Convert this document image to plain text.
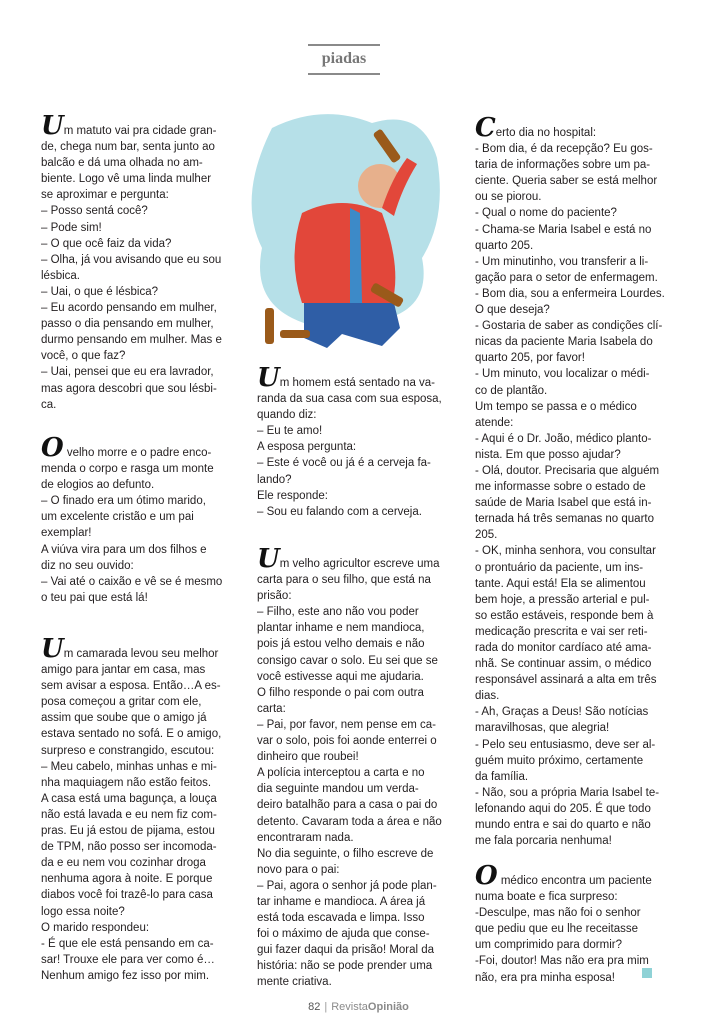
piadas

Um matuto vai pra cidade gran-

de, chega num bar, senta junto ao

balcão e dá uma olhada no am-

biente. Logo vê uma linda mulher

se aproximar e pergunta:

– Posso sentá cocê?

– Pode sim!

– O que ocê faiz da vida?

– Olha, já vou avisando que eu sou

lésbica.

– Uai, o que é lésbica?

– Eu acordo pensando em mulher,

passo o dia pensando em mulher,

durmo pensando em mulher. Mas e

você, o que faz?

– Uai, pensei que eu era lavrador,

mas agora descobri que sou lésbi-

ca.

O velho morre e o padre enco-

menda o corpo e rasga um monte

de elogios ao defunto.

– O finado era um ótimo marido,

um excelente cristão e um pai

exemplar!

A viúva vira para um dos filhos e

diz no seu ouvido:

– Vai até o caixão e vê se é mesmo

o teu pai que está lá!

Um camarada levou seu melhor

amigo para jantar em casa, mas

sem avisar a esposa. Então…A es-

posa começou a gritar com ele,

assim que soube que o amigo já

estava sentado no sofá. E o amigo,

surpreso e constrangido, escutou:

– Meu cabelo, minhas unhas e mi-

nha maquiagem não estão feitos.

A casa está uma bagunça, a louça

não está lavada e eu nem fiz com-

pras. Eu já estou de pijama, estou

de TPM, não posso ser incomoda-

da e eu nem vou cozinhar droga

nenhuma agora à noite. E porque

diabos você foi trazê-lo para casa

logo essa noite?

O marido respondeu:

- É que ele está pensando em ca-

sar! Trouxe ele para ver como é…

Nenhum amigo fez isso por mim.

Um homem está sentado na va-

randa da sua casa com sua esposa,

quando diz:

– Eu te amo!

A esposa pergunta:

– Este é você ou já é a cerveja fa-

lando?

Ele responde:

– Sou eu falando com a cerveja.

Um velho agricultor escreve uma

carta para o seu filho, que está na

prisão:

– Filho, este ano não vou poder

plantar inhame e nem mandioca,

pois já estou velho demais e não

consigo cavar o solo. Eu sei que se

você estivesse aqui me ajudaria.

O filho responde o pai com outra

carta:

– Pai, por favor, nem pense em ca-

var o solo, pois foi aonde enterrei o

dinheiro que roubei!

A polícia interceptou a carta e no

dia seguinte mandou um verda-

deiro batalhão para a casa o pai do

detento. Cavaram toda a área e não

encontraram nada.

No dia seguinte, o filho escreve de

novo para o pai:

– Pai, agora o senhor já pode plan-

tar inhame e mandioca. A área já

está toda escavada e limpa. Isso

foi o máximo de ajuda que conse-

gui fazer daqui da prisão! Moral da

história: não se pode prender uma

mente criativa.

Certo dia no hospital:

- Bom dia, é da recepção? Eu gos-

taria de informações sobre um pa-

ciente. Queria saber se está melhor

ou se piorou.

- Qual o nome do paciente?

- Chama-se Maria Isabel e está no

quarto 205.

- Um minutinho, vou transferir a li-

gação para o setor de enfermagem.

- Bom dia, sou a enfermeira Lourdes.

O que deseja?

- Gostaria de saber as condições clí-

nicas da paciente Maria Isabela do

quarto 205, por favor!

- Um minuto, vou localizar o médi-

co de plantão.

Um tempo se passa e o médico

atende:

- Aqui é o Dr. João, médico planto-

nista. Em que posso ajudar?

- Olá, doutor. Precisaria que alguém

me informasse sobre o estado de

saúde de Maria Isabel que está in-

ternada há três semanas no quarto

205.

- OK, minha senhora, vou consultar

o prontuário da paciente, um ins-

tante. Aqui está! Ela se alimentou

bem hoje, a pressão arterial e pul-

so estão estáveis, responde bem à

medicação prescrita e vai ser reti-

rada do monitor cardíaco até ama-

nhã. Se continuar assim, o médico

responsável assinará a alta em três

dias.

- Ah, Graças a Deus! São notícias

maravilhosas, que alegria!

- Pelo seu entusiasmo, deve ser al-

guém muito próximo, certamente

da família.

- Não, sou a própria Maria Isabel te-

lefonando aqui do 205. É que todo

mundo entra e sai do quarto e não

me fala porcaria nenhuma!

O médico encontra um paciente

numa boate e fica surpreso:

-Desculpe, mas não foi o senhor

que pediu que eu lhe receitasse

um comprimido para dormir?

-Foi, doutor! Mas não era pra mim

não, era pra minha esposa!

82 | RevistaOpinião
